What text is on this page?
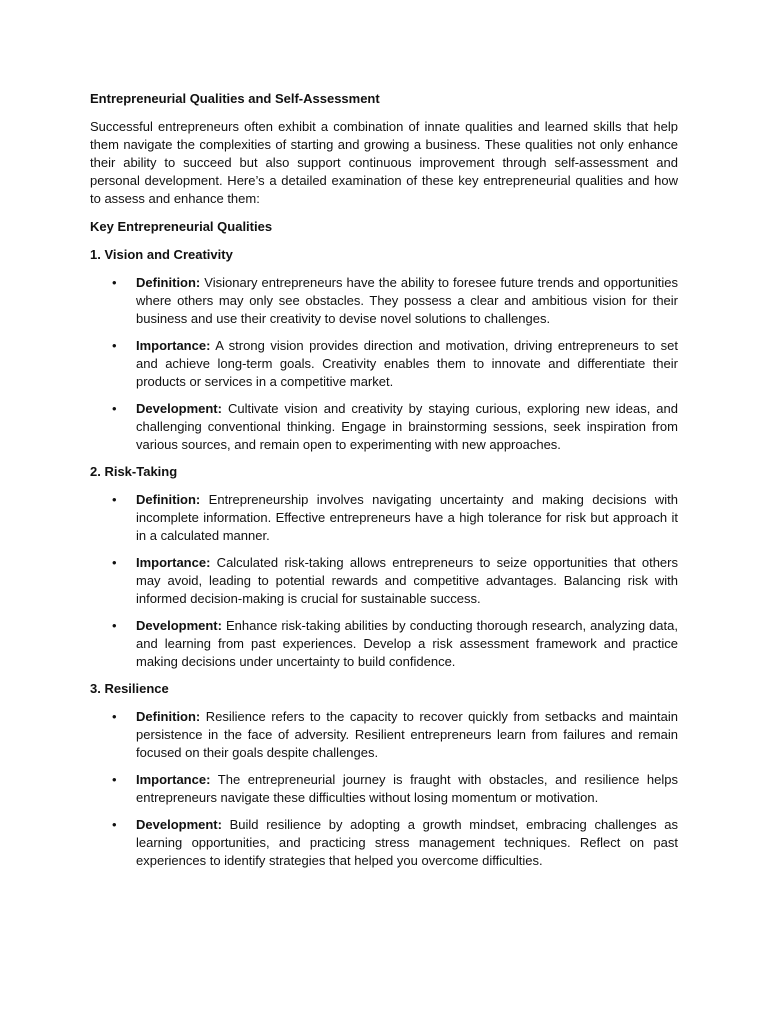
Entrepreneurial Qualities and Self-Assessment
Successful entrepreneurs often exhibit a combination of innate qualities and learned skills that help them navigate the complexities of starting and growing a business. These qualities not only enhance their ability to succeed but also support continuous improvement through self-assessment and personal development. Here’s a detailed examination of these key entrepreneurial qualities and how to assess and enhance them:
Key Entrepreneurial Qualities
1. Vision and Creativity
• Definition: Visionary entrepreneurs have the ability to foresee future trends and opportunities where others may only see obstacles. They possess a clear and ambitious vision for their business and use their creativity to devise novel solutions to challenges.
• Importance: A strong vision provides direction and motivation, driving entrepreneurs to set and achieve long-term goals. Creativity enables them to innovate and differentiate their products or services in a competitive market.
• Development: Cultivate vision and creativity by staying curious, exploring new ideas, and challenging conventional thinking. Engage in brainstorming sessions, seek inspiration from various sources, and remain open to experimenting with new approaches.
2. Risk-Taking
• Definition: Entrepreneurship involves navigating uncertainty and making decisions with incomplete information. Effective entrepreneurs have a high tolerance for risk but approach it in a calculated manner.
• Importance: Calculated risk-taking allows entrepreneurs to seize opportunities that others may avoid, leading to potential rewards and competitive advantages. Balancing risk with informed decision-making is crucial for sustainable success.
• Development: Enhance risk-taking abilities by conducting thorough research, analyzing data, and learning from past experiences. Develop a risk assessment framework and practice making decisions under uncertainty to build confidence.
3. Resilience
• Definition: Resilience refers to the capacity to recover quickly from setbacks and maintain persistence in the face of adversity. Resilient entrepreneurs learn from failures and remain focused on their goals despite challenges.
• Importance: The entrepreneurial journey is fraught with obstacles, and resilience helps entrepreneurs navigate these difficulties without losing momentum or motivation.
• Development: Build resilience by adopting a growth mindset, embracing challenges as learning opportunities, and practicing stress management techniques. Reflect on past experiences to identify strategies that helped you overcome difficulties.
